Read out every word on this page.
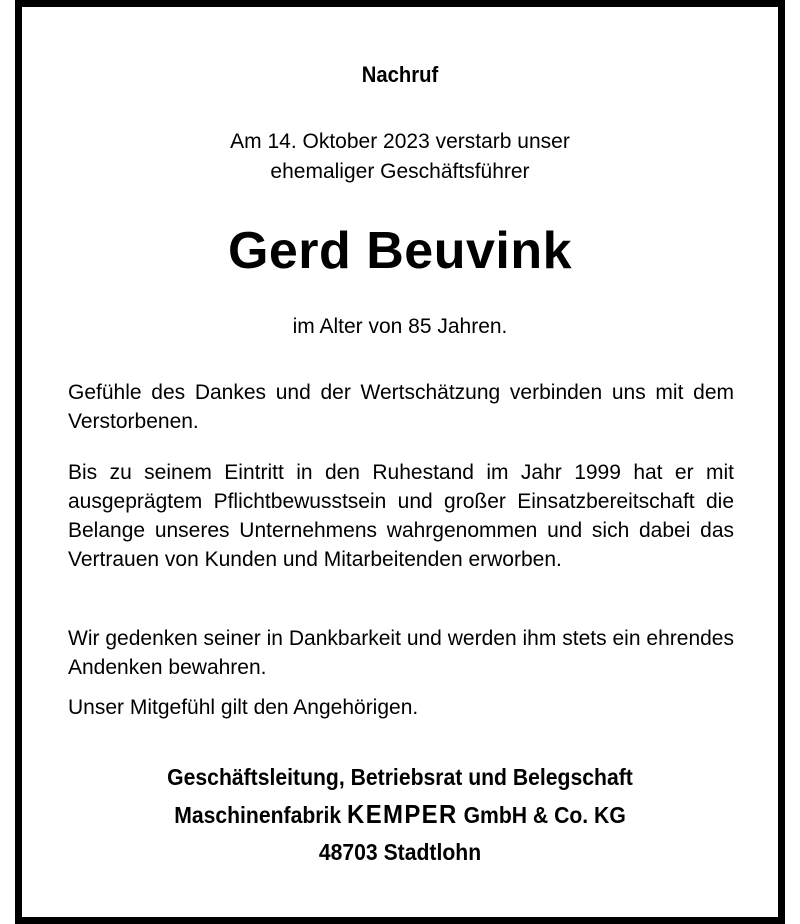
Nachruf
Am 14. Oktober 2023 verstarb unser
ehemaliger Geschäftsführer
Gerd Beuvink
im Alter von 85 Jahren.

Gefühle des Dankes und der Wertschätzung verbinden uns mit dem Verstorbenen.

Bis zu seinem Eintritt in den Ruhestand im Jahr 1999 hat er mit ausgeprägtem Pflichtbewusstsein und großer Einsatzbereitschaft die Belange unseres Unternehmens wahrgenommen und sich dabei das Vertrauen von Kunden und Mitarbeitenden erworben.

Wir gedenken seiner in Dankbarkeit und werden ihm stets ein ehrendes Andenken bewahren.

Unser Mitgefühl gilt den Angehörigen.

Geschäftsleitung, Betriebsrat und Belegschaft
Maschinenfabrik KEMPER GmbH & Co. KG
48703 Stadtlohn
